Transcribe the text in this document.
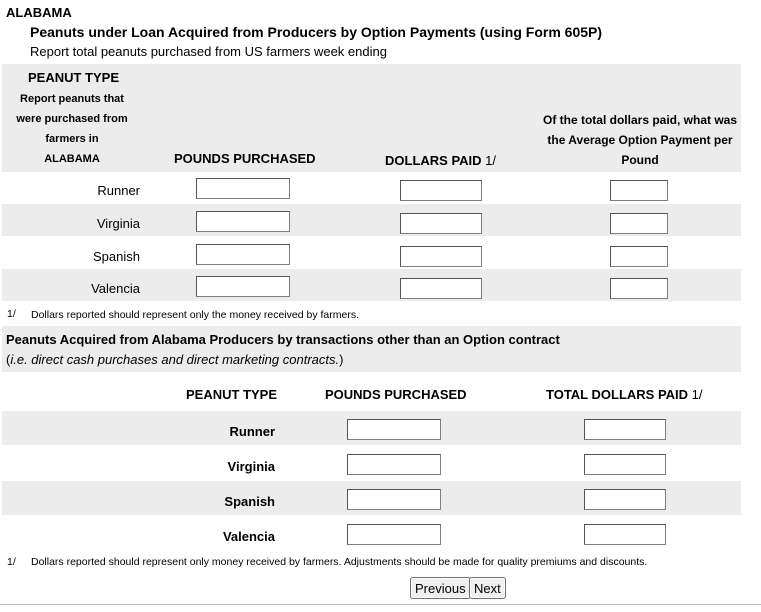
ALABAMA
Peanuts under Loan Acquired from Producers by Option Payments (using Form 605P)
Report total peanuts purchased from US farmers week ending
PEANUT TYPE
Report peanuts that
were purchased from
farmers in
ALABAMA	POUNDS PURCHASED	DOLLARS PAID 1/
Of the total dollars paid, what was
the Average Option Payment per
Pound
Runner
Virginia
Spanish
Valencia
1/ Dollars reported should represent only the money received by farmers.
Peanuts Acquired from Alabama Producers by transactions other than an Option contract
(i.e. direct cash purchases and direct marketing contracts.)
PEANUT TYPE	POUNDS PURCHASED	TOTAL DOLLARS PAID 1/
Runner
Virginia
Spanish
Valencia
1/ Dollars reported should represent only money received by farmers. Adjustments should be made for quality premiums and discounts.
Previous Next
